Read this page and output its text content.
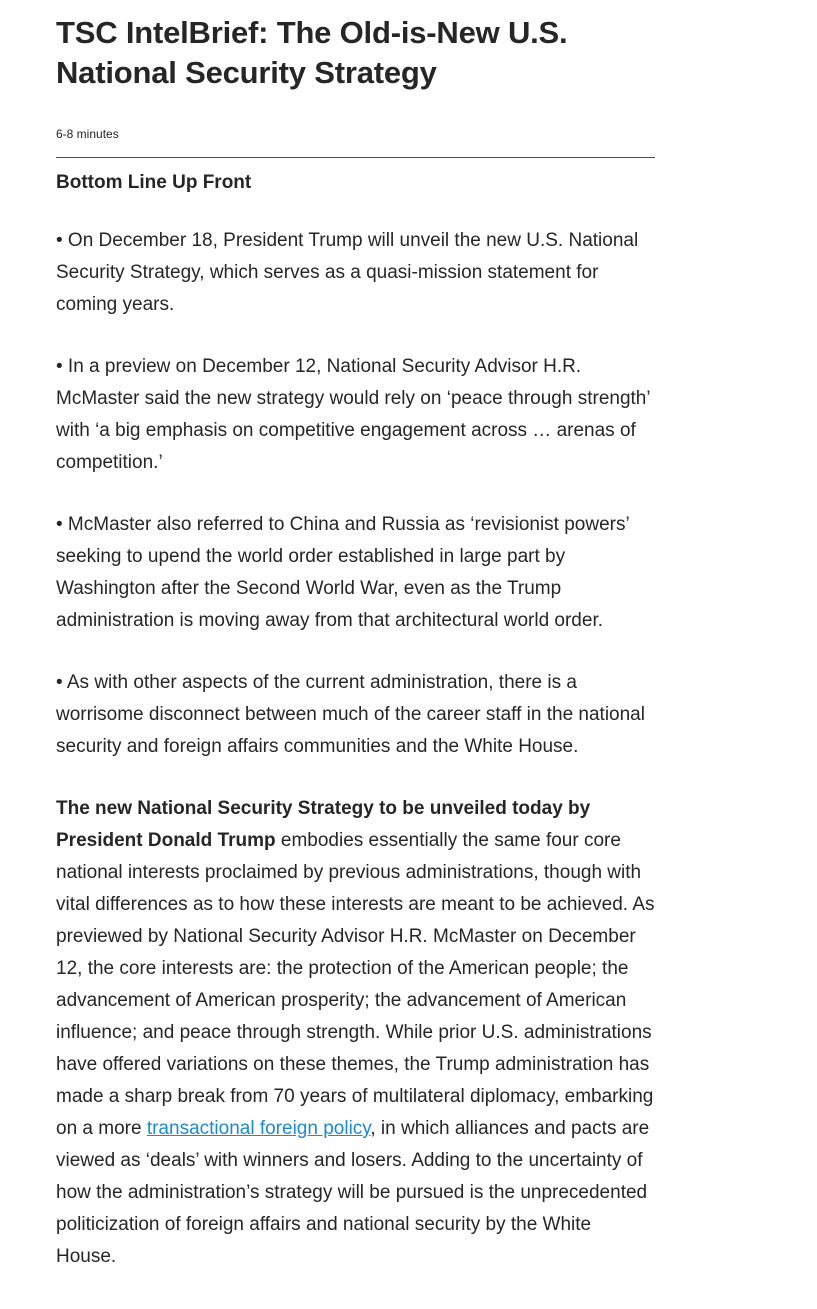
TSC IntelBrief: The Old-is-New U.S. National Security Strategy
6-8 minutes
Bottom Line Up Front

• On December 18, President Trump will unveil the new U.S. National Security Strategy, which serves as a quasi-mission statement for coming years.

• In a preview on December 12, National Security Advisor H.R. McMaster said the new strategy would rely on ‘peace through strength’ with ‘a big emphasis on competitive engagement across … arenas of competition.’

• McMaster also referred to China and Russia as ‘revisionist powers’ seeking to upend the world order established in large part by Washington after the Second World War, even as the Trump administration is moving away from that architectural world order.

• As with other aspects of the current administration, there is a worrisome disconnect between much of the career staff in the national security and foreign affairs communities and the White House.

The new National Security Strategy to be unveiled today by President Donald Trump embodies essentially the same four core national interests proclaimed by previous administrations, though with vital differences as to how these interests are meant to be achieved. As previewed by National Security Advisor H.R. McMaster on December 12, the core interests are: the protection of the American people; the advancement of American prosperity; the advancement of American influence; and peace through strength. While prior U.S. administrations have offered variations on these themes, the Trump administration has made a sharp break from 70 years of multilateral diplomacy, embarking on a more transactional foreign policy, in which alliances and pacts are viewed as ‘deals’ with winners and losers. Adding to the uncertainty of how the administration’s strategy will be pursued is the unprecedented politicization of foreign affairs and national security by the White House.
